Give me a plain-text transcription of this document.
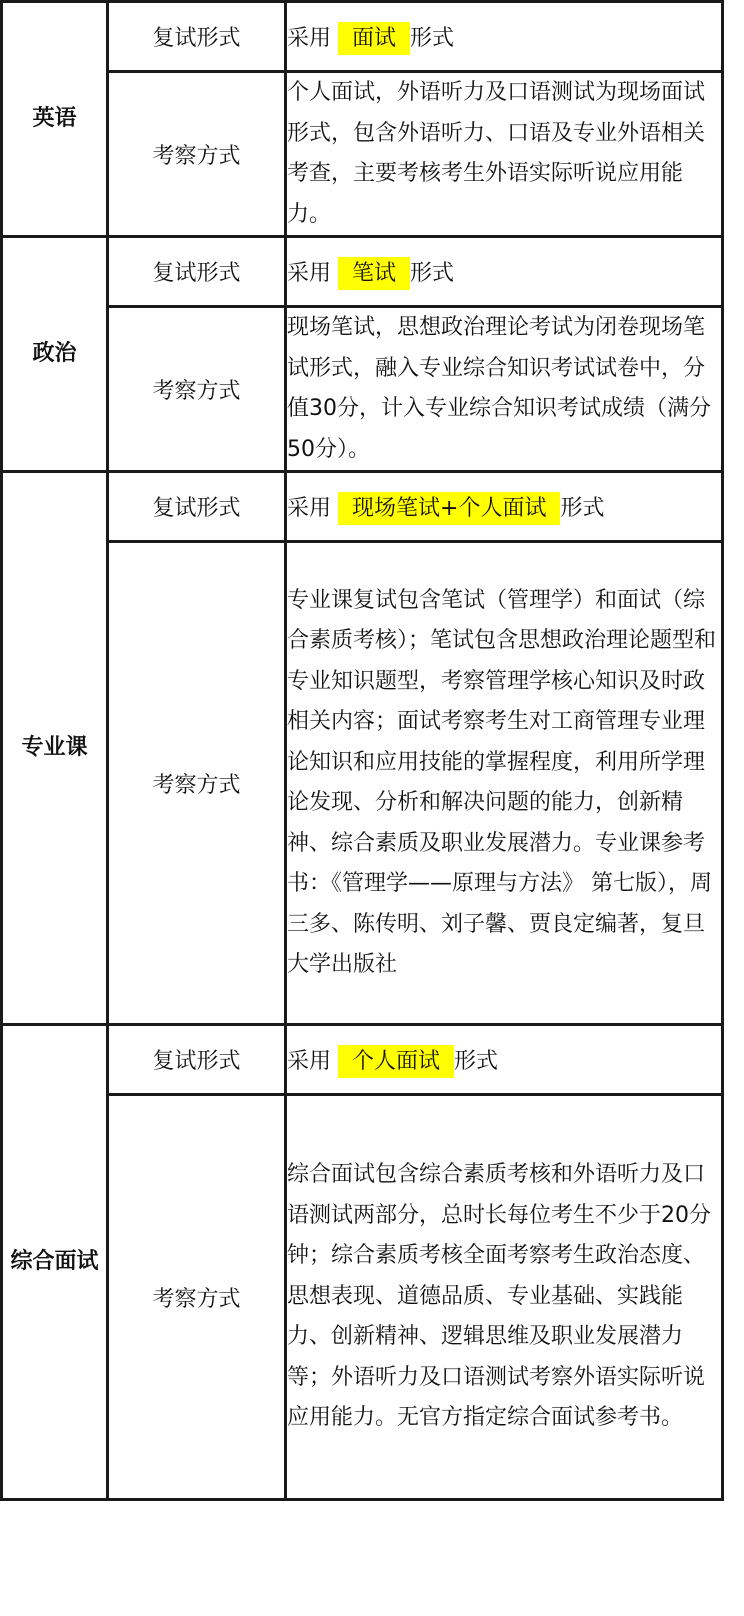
英语	复试形式	采用 面试 形式
	考察方式	个人面试，外语听力及口语测试为现场面试形式，包含外语听力、口语及专业外语相关考查，主要考核考生外语实际听说应用能力。
政治	复试形式	采用 笔试 形式
	考察方式	现场笔试，思想政治理论考试为闭卷现场笔试形式，融入专业综合知识考试试卷中，分值30分，计入专业综合知识考试成绩（满分50分）。
专业课	复试形式	采用 现场笔试+个人面试 形式
	考察方式	专业课复试包含笔试（管理学）和面试（综合素质考核）；笔试包含思想政治理论题型和专业知识题型，考察管理学核心知识及时政相关内容；面试考察考生对工商管理专业理论知识和应用技能的掌握程度，利用所学理论发现、分析和解决问题的能力，创新精神、综合素质及职业发展潜力。专业课参考书：《管理学——原理与方法》 第七版），周三多、陈传明、刘子馨、贾良定编著，复旦大学出版社
综合面试	复试形式	采用 个人面试 形式
	考察方式	综合面试包含综合素质考核和外语听力及口语测试两部分，总时长每位考生不少于20分钟；综合素质考核全面考察考生政治态度、思想表现、道德品质、专业基础、实践能力、创新精神、逻辑思维及职业发展潜力等；外语听力及口语测试考察外语实际听说应用能力。无官方指定综合面试参考书。
